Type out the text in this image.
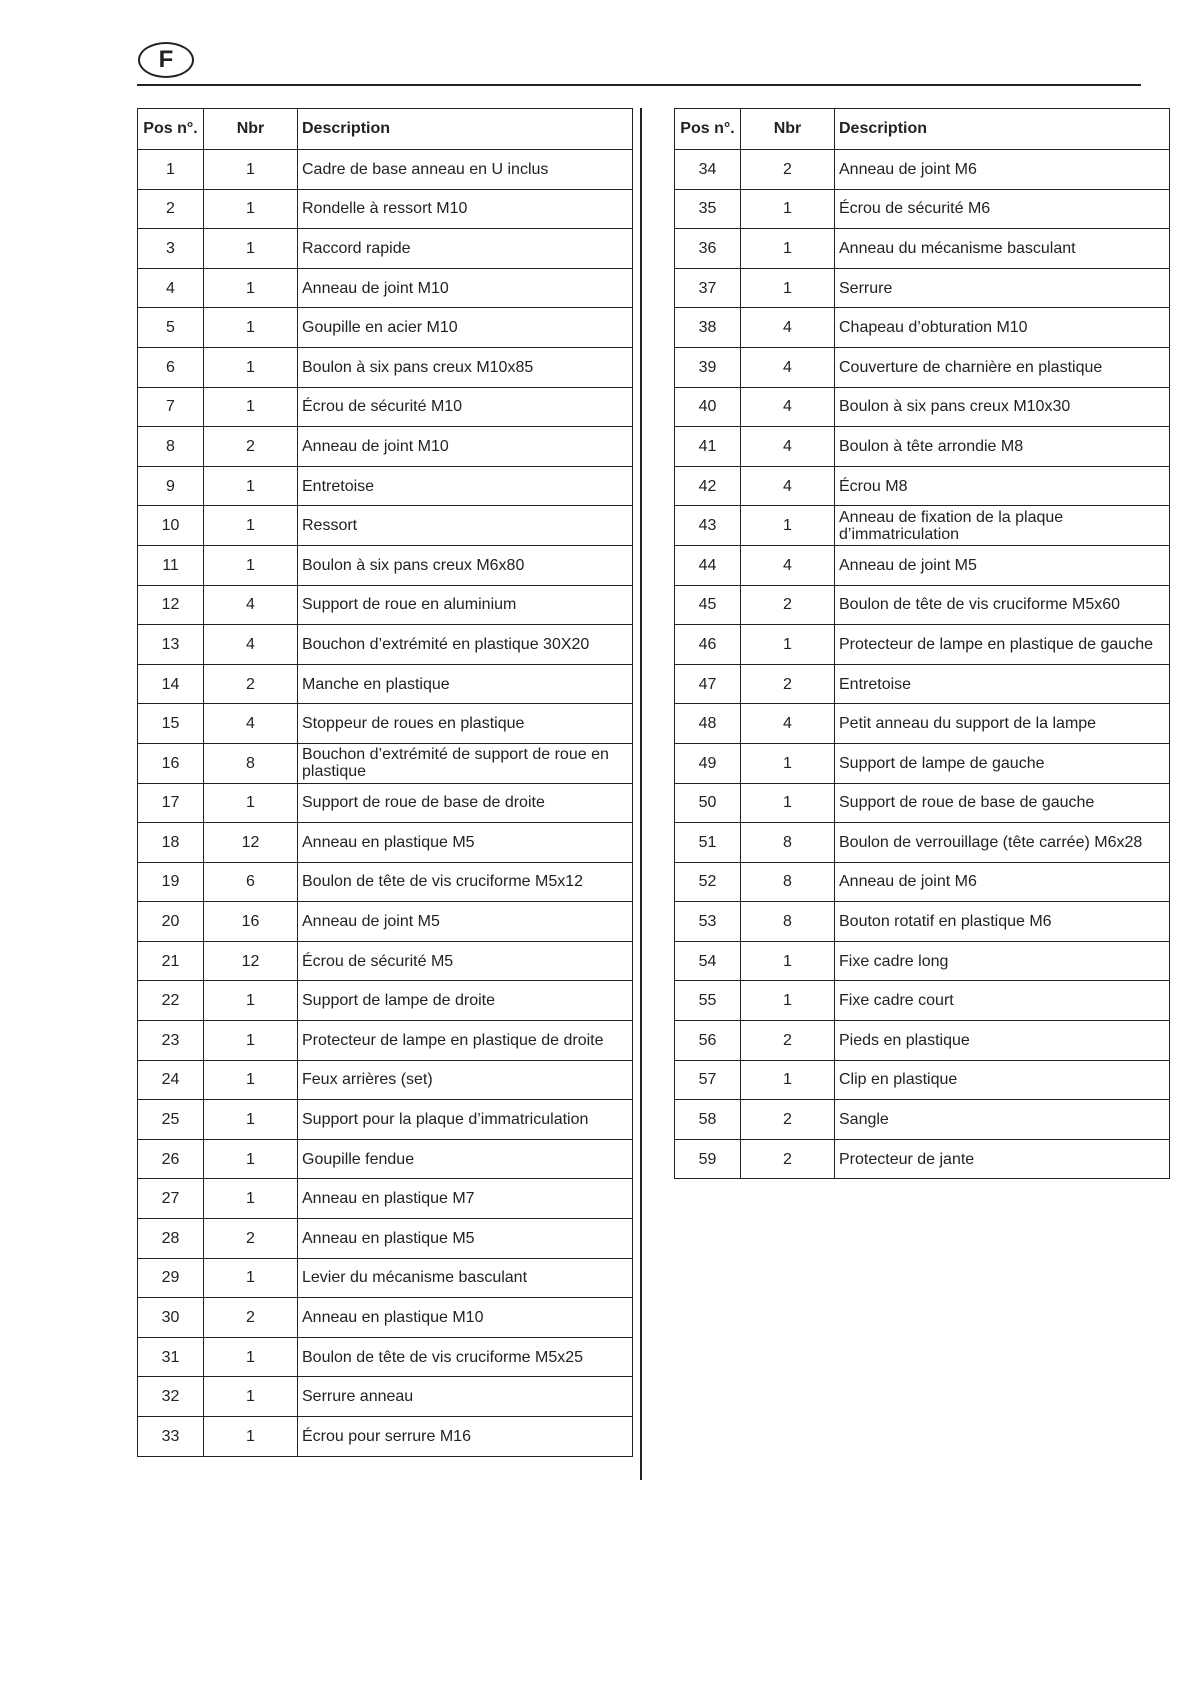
F
Pos n°.	Nbr	Description
1	1	Cadre de base anneau en U inclus
2	1	Rondelle à ressort M10
3	1	Raccord rapide
4	1	Anneau de joint M10
5	1	Goupille en acier M10
6	1	Boulon à six pans creux M10x85
7	1	Écrou de sécurité M10
8	2	Anneau de joint M10
9	1	Entretoise
10	1	Ressort
11	1	Boulon à six pans creux M6x80
12	4	Support de roue en aluminium
13	4	Bouchon d’extrémité en plastique 30X20
14	2	Manche en plastique
15	4	Stoppeur de roues en plastique
16	8	Bouchon d’extrémité de support de roue en plastique
17	1	Support de roue de base de droite
18	12	Anneau en plastique M5
19	6	Boulon de tête de vis cruciforme M5x12
20	16	Anneau de joint M5
21	12	Écrou de sécurité M5
22	1	Support de lampe de droite
23	1	Protecteur de lampe en plastique de droite
24	1	Feux arrières (set)
25	1	Support pour la plaque d’immatriculation
26	1	Goupille fendue
27	1	Anneau en plastique M7
28	2	Anneau en plastique M5
29	1	Levier du mécanisme basculant
30	2	Anneau en plastique M10
31	1	Boulon de tête de vis cruciforme M5x25
32	1	Serrure anneau
33	1	Écrou pour serrure M16
Pos n°.	Nbr	Description
34	2	Anneau de joint M6
35	1	Écrou de sécurité M6
36	1	Anneau du mécanisme basculant
37	1	Serrure
38	4	Chapeau d’obturation M10
39	4	Couverture de charnière en plastique
40	4	Boulon à six pans creux M10x30
41	4	Boulon à tête arrondie M8
42	4	Écrou M8
43	1	Anneau de fixation de la plaque d’immatriculation
44	4	Anneau de joint M5
45	2	Boulon de tête de vis cruciforme M5x60
46	1	Protecteur de lampe en plastique de gauche
47	2	Entretoise
48	4	Petit anneau du support de la lampe
49	1	Support de lampe de gauche
50	1	Support de roue de base de gauche
51	8	Boulon de verrouillage (tête carrée) M6x28
52	8	Anneau de joint M6
53	8	Bouton rotatif en plastique M6
54	1	Fixe cadre long
55	1	Fixe cadre court
56	2	Pieds en plastique
57	1	Clip en plastique
58	2	Sangle
59	2	Protecteur de jante
